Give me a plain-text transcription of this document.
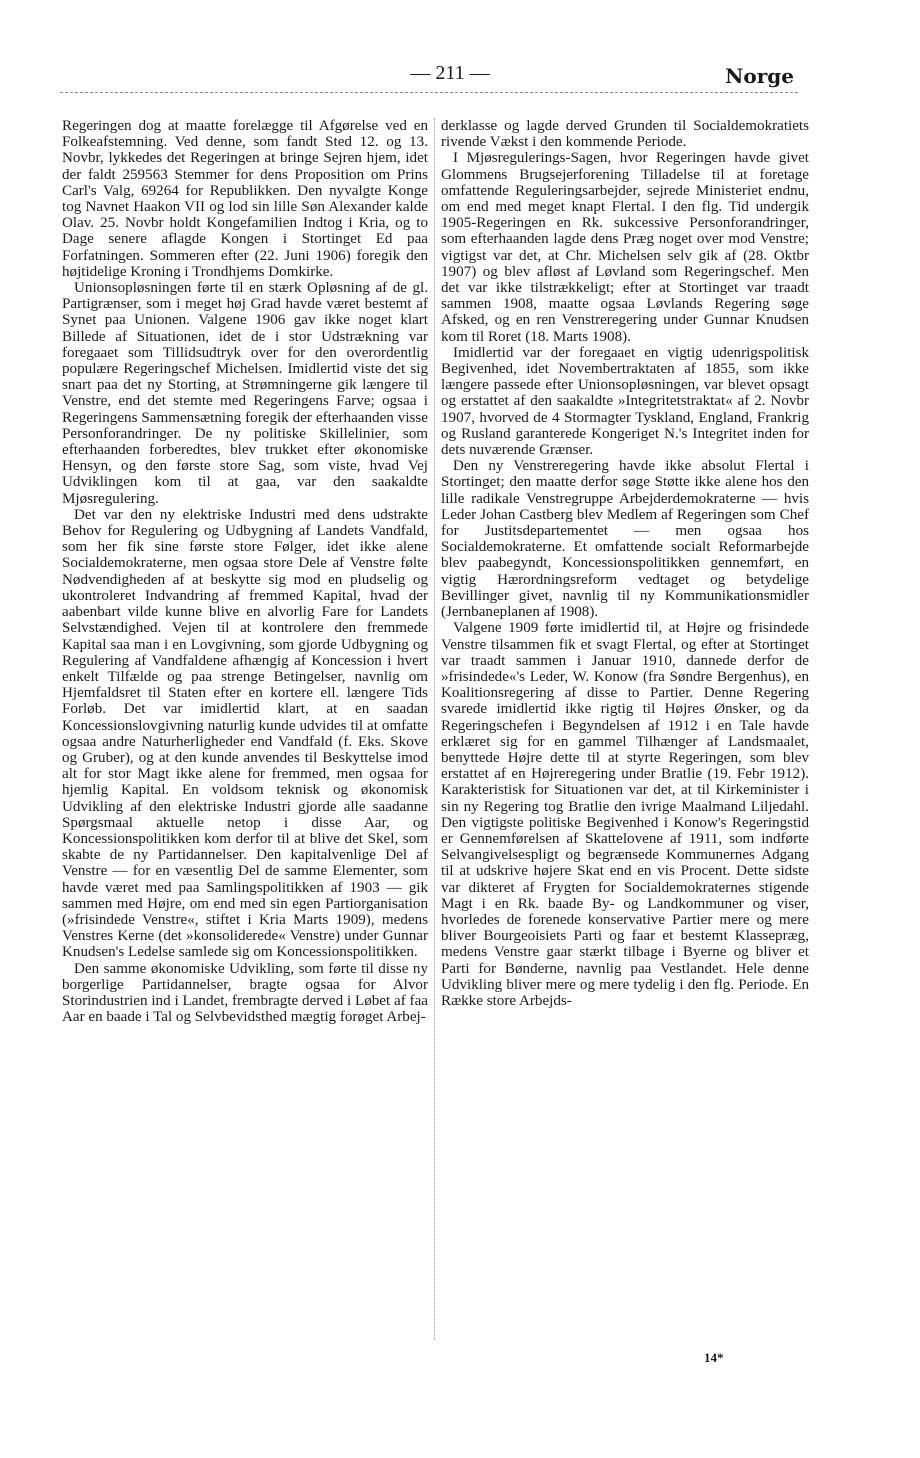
— 211 —	Norge

Regeringen dog at maatte forelægge til Afgørelse ved en Folkeafstemning. Ved denne, som fandt Sted 12. og 13. Novbr, lykkedes det Regeringen at bringe Sejren hjem, idet der faldt 259563 Stemmer for dens Proposition om Prins Carl's Valg, 69264 for Republikken. Den nyvalgte Konge tog Navnet Haakon VII og lod sin lille Søn Alexander kalde Olav. 25. Novbr holdt Kongefamilien Indtog i Kria, og to Dage senere aflagde Kongen i Stortinget Ed paa Forfatningen. Sommeren efter (22. Juni 1906) foregik den højtidelige Kroning i Trondhjems Domkirke.

Unionsopløsningen førte til en stærk Opløsning af de gl. Partigrænser, som i meget høj Grad havde været bestemt af Synet paa Unionen. Valgene 1906 gav ikke noget klart Billede af Situationen, idet de i stor Udstrækning var foregaaet som Tillidsudtryk over for den overordentlig populære Regeringschef Michelsen. Imidlertid viste det sig snart paa det ny Storting, at Strømningerne gik længere til Venstre, end det stemte med Regeringens Farve; ogsaa i Regeringens Sammensætning foregik der efterhaanden visse Personforandringer. De ny politiske Skillelinier, som efterhaanden forberedtes, blev trukket efter økonomiske Hensyn, og den første store Sag, som viste, hvad Vej Udviklingen kom til at gaa, var den saakaldte Mjøsregulering.

Det var den ny elektriske Industri med dens udstrakte Behov for Regulering og Udbygning af Landets Vandfald, som her fik sine første store Følger, idet ikke alene Socialdemokraterne, men ogsaa store Dele af Venstre følte Nødvendigheden af at beskytte sig mod en pludselig og ukontroleret Indvandring af fremmed Kapital, hvad der aabenbart vilde kunne blive en alvorlig Fare for Landets Selvstændighed. Vejen til at kontrolere den fremmede Kapital saa man i en Lovgivning, som gjorde Udbygning og Regulering af Vandfaldene afhængig af Koncession i hvert enkelt Tilfælde og paa strenge Betingelser, navnlig om Hjemfaldsret til Staten efter en kortere ell. længere Tids Forløb. Det var imidlertid klart, at en saadan Koncessionslovgivning naturlig kunde udvides til at omfatte ogsaa andre Naturherligheder end Vandfald (f. Eks. Skove og Gruber), og at den kunde anvendes til Beskyttelse imod alt for stor Magt ikke alene for fremmed, men ogsaa for hjemlig Kapital. En voldsom teknisk og økonomisk Udvikling af den elektriske Industri gjorde alle saadanne Spørgsmaal aktuelle netop i disse Aar, og Koncessionspolitikken kom derfor til at blive det Skel, som skabte de ny Partidannelser. Den kapitalvenlige Del af Venstre — for en væsentlig Del de samme Elementer, som havde været med paa Samlingspolitikken af 1903 — gik sammen med Højre, om end med sin egen Partiorganisation (»frisindede Venstre«, stiftet i Kria Marts 1909), medens Venstres Kerne (det »konsoliderede« Venstre) under Gunnar Knudsen's Ledelse samlede sig om Koncessionspolitikken.

Den samme økonomiske Udvikling, som førte til disse ny borgerlige Partidannelser, bragte ogsaa for Alvor Storindustrien ind i Landet, frembragte derved i Løbet af faa Aar en baade i Tal og Selvbevidsthed mægtig forøget Arbej-

derklasse og lagde derved Grunden til Socialdemokratiets rivende Vækst i den kommende Periode.

I Mjøsregulerings-Sagen, hvor Regeringen havde givet Glommens Brugsejerforening Tilladelse til at foretage omfattende Reguleringsarbejder, sejrede Ministeriet endnu, om end med meget knapt Flertal. I den flg. Tid undergik 1905-Regeringen en Rk. sukcessive Personforandringer, som efterhaanden lagde dens Præg noget over mod Venstre; vigtigst var det, at Chr. Michelsen selv gik af (28. Oktbr 1907) og blev afløst af Løvland som Regeringschef. Men det var ikke tilstrækkeligt; efter at Stortinget var traadt sammen 1908, maatte ogsaa Løvlands Regering søge Afsked, og en ren Venstreregering under Gunnar Knudsen kom til Roret (18. Marts 1908).

Imidlertid var der foregaaet en vigtig udenrigspolitisk Begivenhed, idet Novembertraktaten af 1855, som ikke længere passede efter Unionsopløsningen, var blevet opsagt og erstattet af den saakaldte »Integritetstraktat« af 2. Novbr 1907, hvorved de 4 Stormagter Tyskland, England, Frankrig og Rusland garanterede Kongeriget N.'s Integritet inden for dets nuværende Grænser.

Den ny Venstreregering havde ikke absolut Flertal i Stortinget; den maatte derfor søge Støtte ikke alene hos den lille radikale Venstregruppe Arbejderdemokraterne — hvis Leder Johan Castberg blev Medlem af Regeringen som Chef for Justitsdepartementet — men ogsaa hos Socialdemokraterne. Et omfattende socialt Reformarbejde blev paabegyndt, Koncessionspolitikken gennemført, en vigtig Hærordningsreform vedtaget og betydelige Bevillinger givet, navnlig til ny Kommunikationsmidler (Jernbaneplanen af 1908).

Valgene 1909 førte imidlertid til, at Højre og frisindede Venstre tilsammen fik et svagt Flertal, og efter at Stortinget var traadt sammen i Januar 1910, dannede derfor de »frisindede«'s Leder, W. Konow (fra Søndre Bergenhus), en Koalitionsregering af disse to Partier. Denne Regering svarede imidlertid ikke rigtig til Højres Ønsker, og da Regeringschefen i Begyndelsen af 1912 i en Tale havde erklæret sig for en gammel Tilhænger af Landsmaalet, benyttede Højre dette til at styrte Regeringen, som blev erstattet af en Højreregering under Bratlie (19. Febr 1912). Karakteristisk for Situationen var det, at til Kirkeminister i sin ny Regering tog Bratlie den ivrige Maalmand Liljedahl. Den vigtigste politiske Begivenhed i Konow's Regeringstid er Gennemførelsen af Skattelovene af 1911, som indførte Selvangivelsespligt og begrænsede Kommunernes Adgang til at udskrive højere Skat end en vis Procent. Dette sidste var dikteret af Frygten for Socialdemokraternes stigende Magt i en Rk. baade By- og Landkommuner og viser, hvorledes de forenede konservative Partier mere og mere bliver Bourgeoisiets Parti og faar et bestemt Klassepræg, medens Venstre gaar stærkt tilbage i Byerne og bliver et Parti for Bønderne, navnlig paa Vestlandet. Hele denne Udvikling bliver mere og mere tydelig i den flg. Periode. En Række store Arbejds-

14*
